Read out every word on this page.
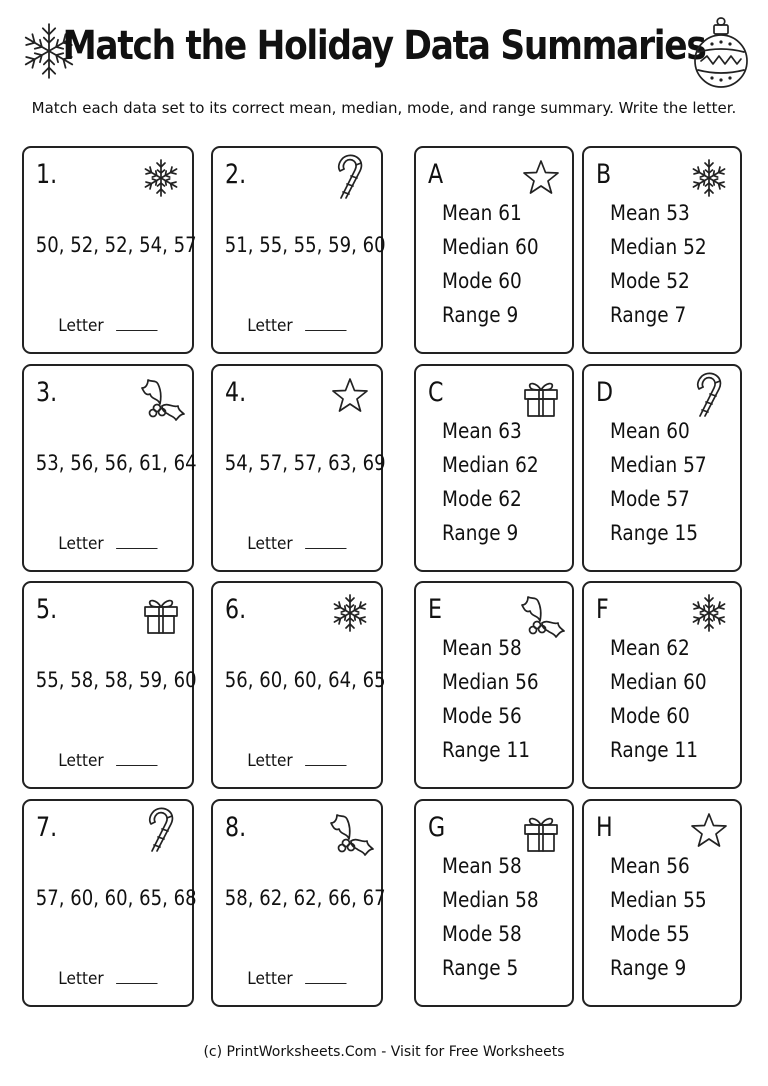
Match the Holiday Data Summaries
Match each data set to its correct mean, median, mode, and range summary. Write the letter.
1.
50, 52, 52, 54, 57
Letter
2.
51, 55, 55, 59, 60
Letter
3.
53, 56, 56, 61, 64
Letter
4.
54, 57, 57, 63, 69
Letter
5.
55, 58, 58, 59, 60
Letter
6.
56, 60, 60, 64, 65
Letter
7.
57, 60, 60, 65, 68
Letter
8.
58, 62, 62, 66, 67
Letter
A
Mean 61
Median 60
Mode 60
Range 9
B
Mean 53
Median 52
Mode 52
Range 7
C
Mean 63
Median 62
Mode 62
Range 9
D
Mean 60
Median 57
Mode 57
Range 15
E
Mean 58
Median 56
Mode 56
Range 11
F
Mean 62
Median 60
Mode 60
Range 11
G
Mean 58
Median 58
Mode 58
Range 5
H
Mean 56
Median 55
Mode 55
Range 9
(c) PrintWorksheets.Com - Visit for Free Worksheets
